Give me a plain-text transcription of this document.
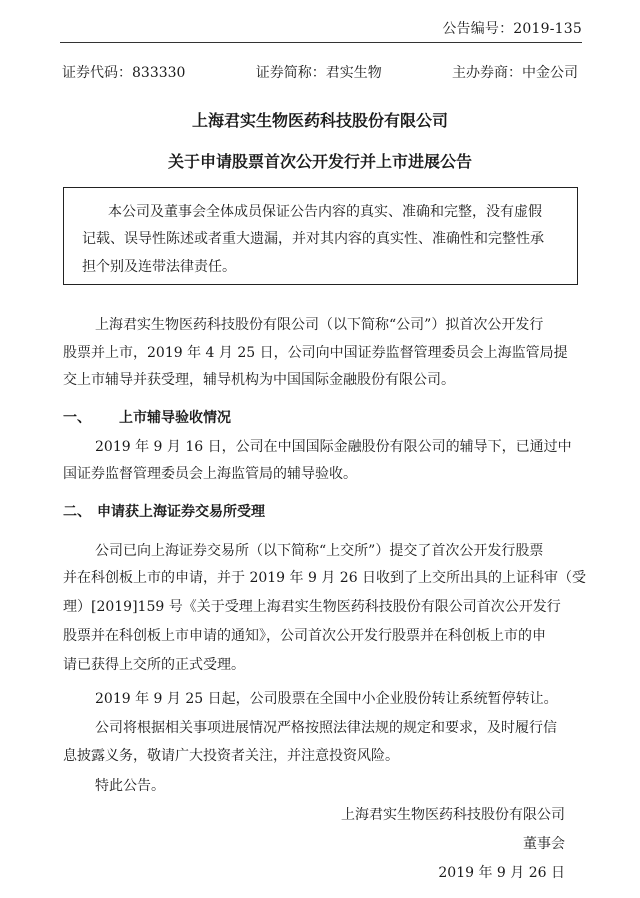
公告编号：2019-135
证券代码：833330	证券简称：君实生物	主办券商：中金公司
上海君实生物医药科技股份有限公司
关于申请股票首次公开发行并上市进展公告
本公司及董事会全体成员保证公告内容的真实、准确和完整，没有虚假
记载、误导性陈述或者重大遗漏，并对其内容的真实性、准确性和完整性承
担个别及连带法律责任。
上海君实生物医药科技股份有限公司（以下简称“公司”）拟首次公开发行
股票并上市，2019 年 4 月 25 日，公司向中国证券监督管理委员会上海监管局提
交上市辅导并获受理，辅导机构为中国国际金融股份有限公司。
一、 上市辅导验收情况
2019 年 9 月 16 日，公司在中国国际金融股份有限公司的辅导下，已通过中
国证券监督管理委员会上海监管局的辅导验收。
二、 申请获上海证券交易所受理
公司已向上海证券交易所（以下简称“上交所”）提交了首次公开发行股票
并在科创板上市的申请，并于 2019 年 9 月 26 日收到了上交所出具的上证科审（受
理）[2019]159 号《关于受理上海君实生物医药科技股份有限公司首次公开发行
股票并在科创板上市申请的通知》，公司首次公开发行股票并在科创板上市的申
请已获得上交所的正式受理。
2019 年 9 月 25 日起，公司股票在全国中小企业股份转让系统暂停转让。
公司将根据相关事项进展情况严格按照法律法规的规定和要求，及时履行信
息披露义务，敬请广大投资者关注，并注意投资风险。
特此公告。
上海君实生物医药科技股份有限公司
董事会
2019 年 9 月 26 日
